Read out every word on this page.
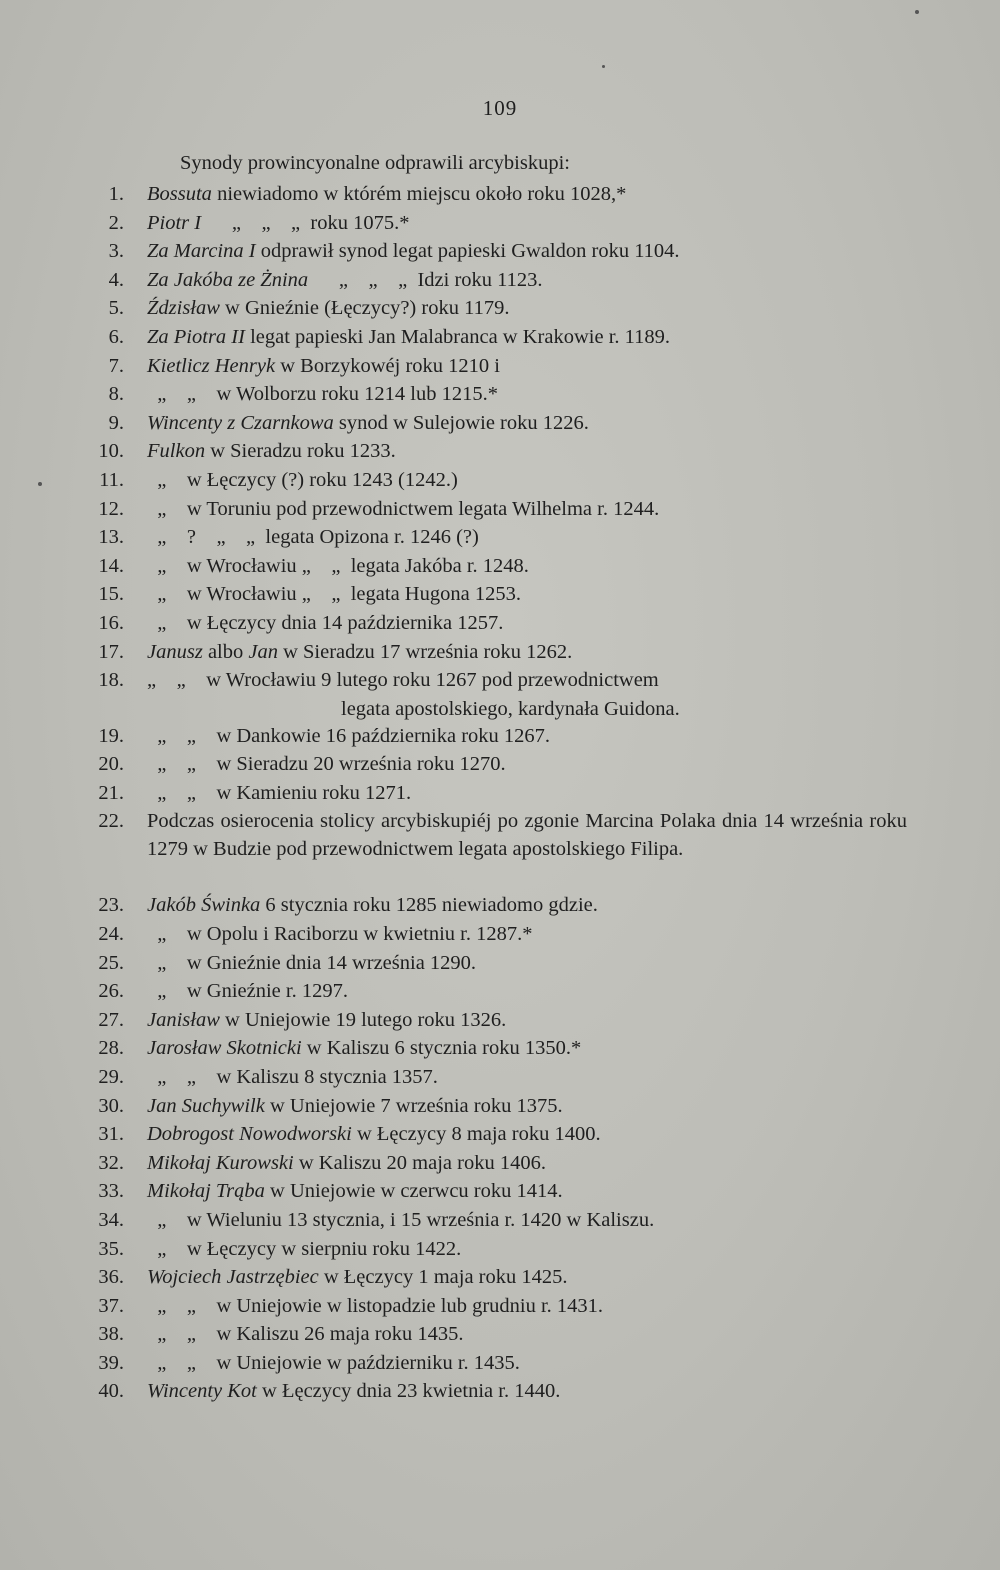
109
Synody prowincyonalne odprawili arcybiskupi:
1. Bossuta niewiadomo w którém miejscu około roku 1028,*
2. Piotr I „    „    „  roku 1075.*
3. Za Marcina I odprawił synod legat papieski Gwaldon roku 1104.
4. Za Jakóba ze Żnina „    „    „  Idzi roku 1123.
5. Ździsław w Gnieźnie (Łęczycy?) roku 1179.
6. Za Piotra II legat papieski Jan Malabranca w Krakowie r. 1189.
7. Kietlicz Henryk w Borzykowéj roku 1210 i
8.	„    „    w Wolborzu roku 1214 lub 1215.*
9. Wincenty z Czarnkowa synod w Sulejowie roku 1226.
10. Fulkon w Sieradzu roku 1233.
11.	„    w Łęczycy (?) roku 1243 (1242.)
12.	„    w Toruniu pod przewodnictwem legata Wilhelma r. 1244.
13.	„    ?    „    „  legata Opizona r. 1246 (?)
14.	„    w Wrocławiu „    „  legata Jakóba r. 1248.
15.	„    w Wrocławiu „    „  legata Hugona 1253.
16.	„    w Łęczycy dnia 14 października 1257.
17. Janusz albo Jan w Sieradzu 17 września roku 1262.
18. „    „    w Wrocławiu 9 lutego roku 1267 pod przewodnictwem
legata apostolskiego, kardynała Guidona.
19.	„    „    w Dankowie 16 października roku 1267.
20.	„    „    w Sieradzu 20 września roku 1270.
21.	„    „    w Kamieniu roku 1271.
22. Podczas osierocenia stolicy arcybiskupiéj po zgonie Marcina Polaka dnia 14 września roku 1279 w Budzie pod przewodnictwem legata apostolskiego Filipa.
23. Jakób Świnka 6 stycznia roku 1285 niewiadomo gdzie.
24.	„    w Opolu i Raciborzu w kwietniu r. 1287.*
25.	„    w Gnieźnie dnia 14 września 1290.
26.	„    w Gnieźnie r. 1297.
27. Janisław w Uniejowie 19 lutego roku 1326.
28. Jarosław Skotnicki w Kaliszu 6 stycznia roku 1350.*
29.	„    „    w Kaliszu 8 stycznia 1357.
30. Jan Suchywilk w Uniejowie 7 września roku 1375.
31. Dobrogost Nowodworski w Łęczycy 8 maja roku 1400.
32. Mikołaj Kurowski w Kaliszu 20 maja roku 1406.
33. Mikołaj Trąba w Uniejowie w czerwcu roku 1414.
34.	„    w Wieluniu 13 stycznia, i 15 września r. 1420 w Kaliszu.
35.	„    w Łęczycy w sierpniu roku 1422.
36. Wojciech Jastrzębiec w Łęczycy 1 maja roku 1425.
37.	„    „    w Uniejowie w listopadzie lub grudniu r. 1431.
38.	„    „    w Kaliszu 26 maja roku 1435.
39.	„    „    w Uniejowie w październiku r. 1435.
40. Wincenty Kot w Łęczycy dnia 23 kwietnia r. 1440.
